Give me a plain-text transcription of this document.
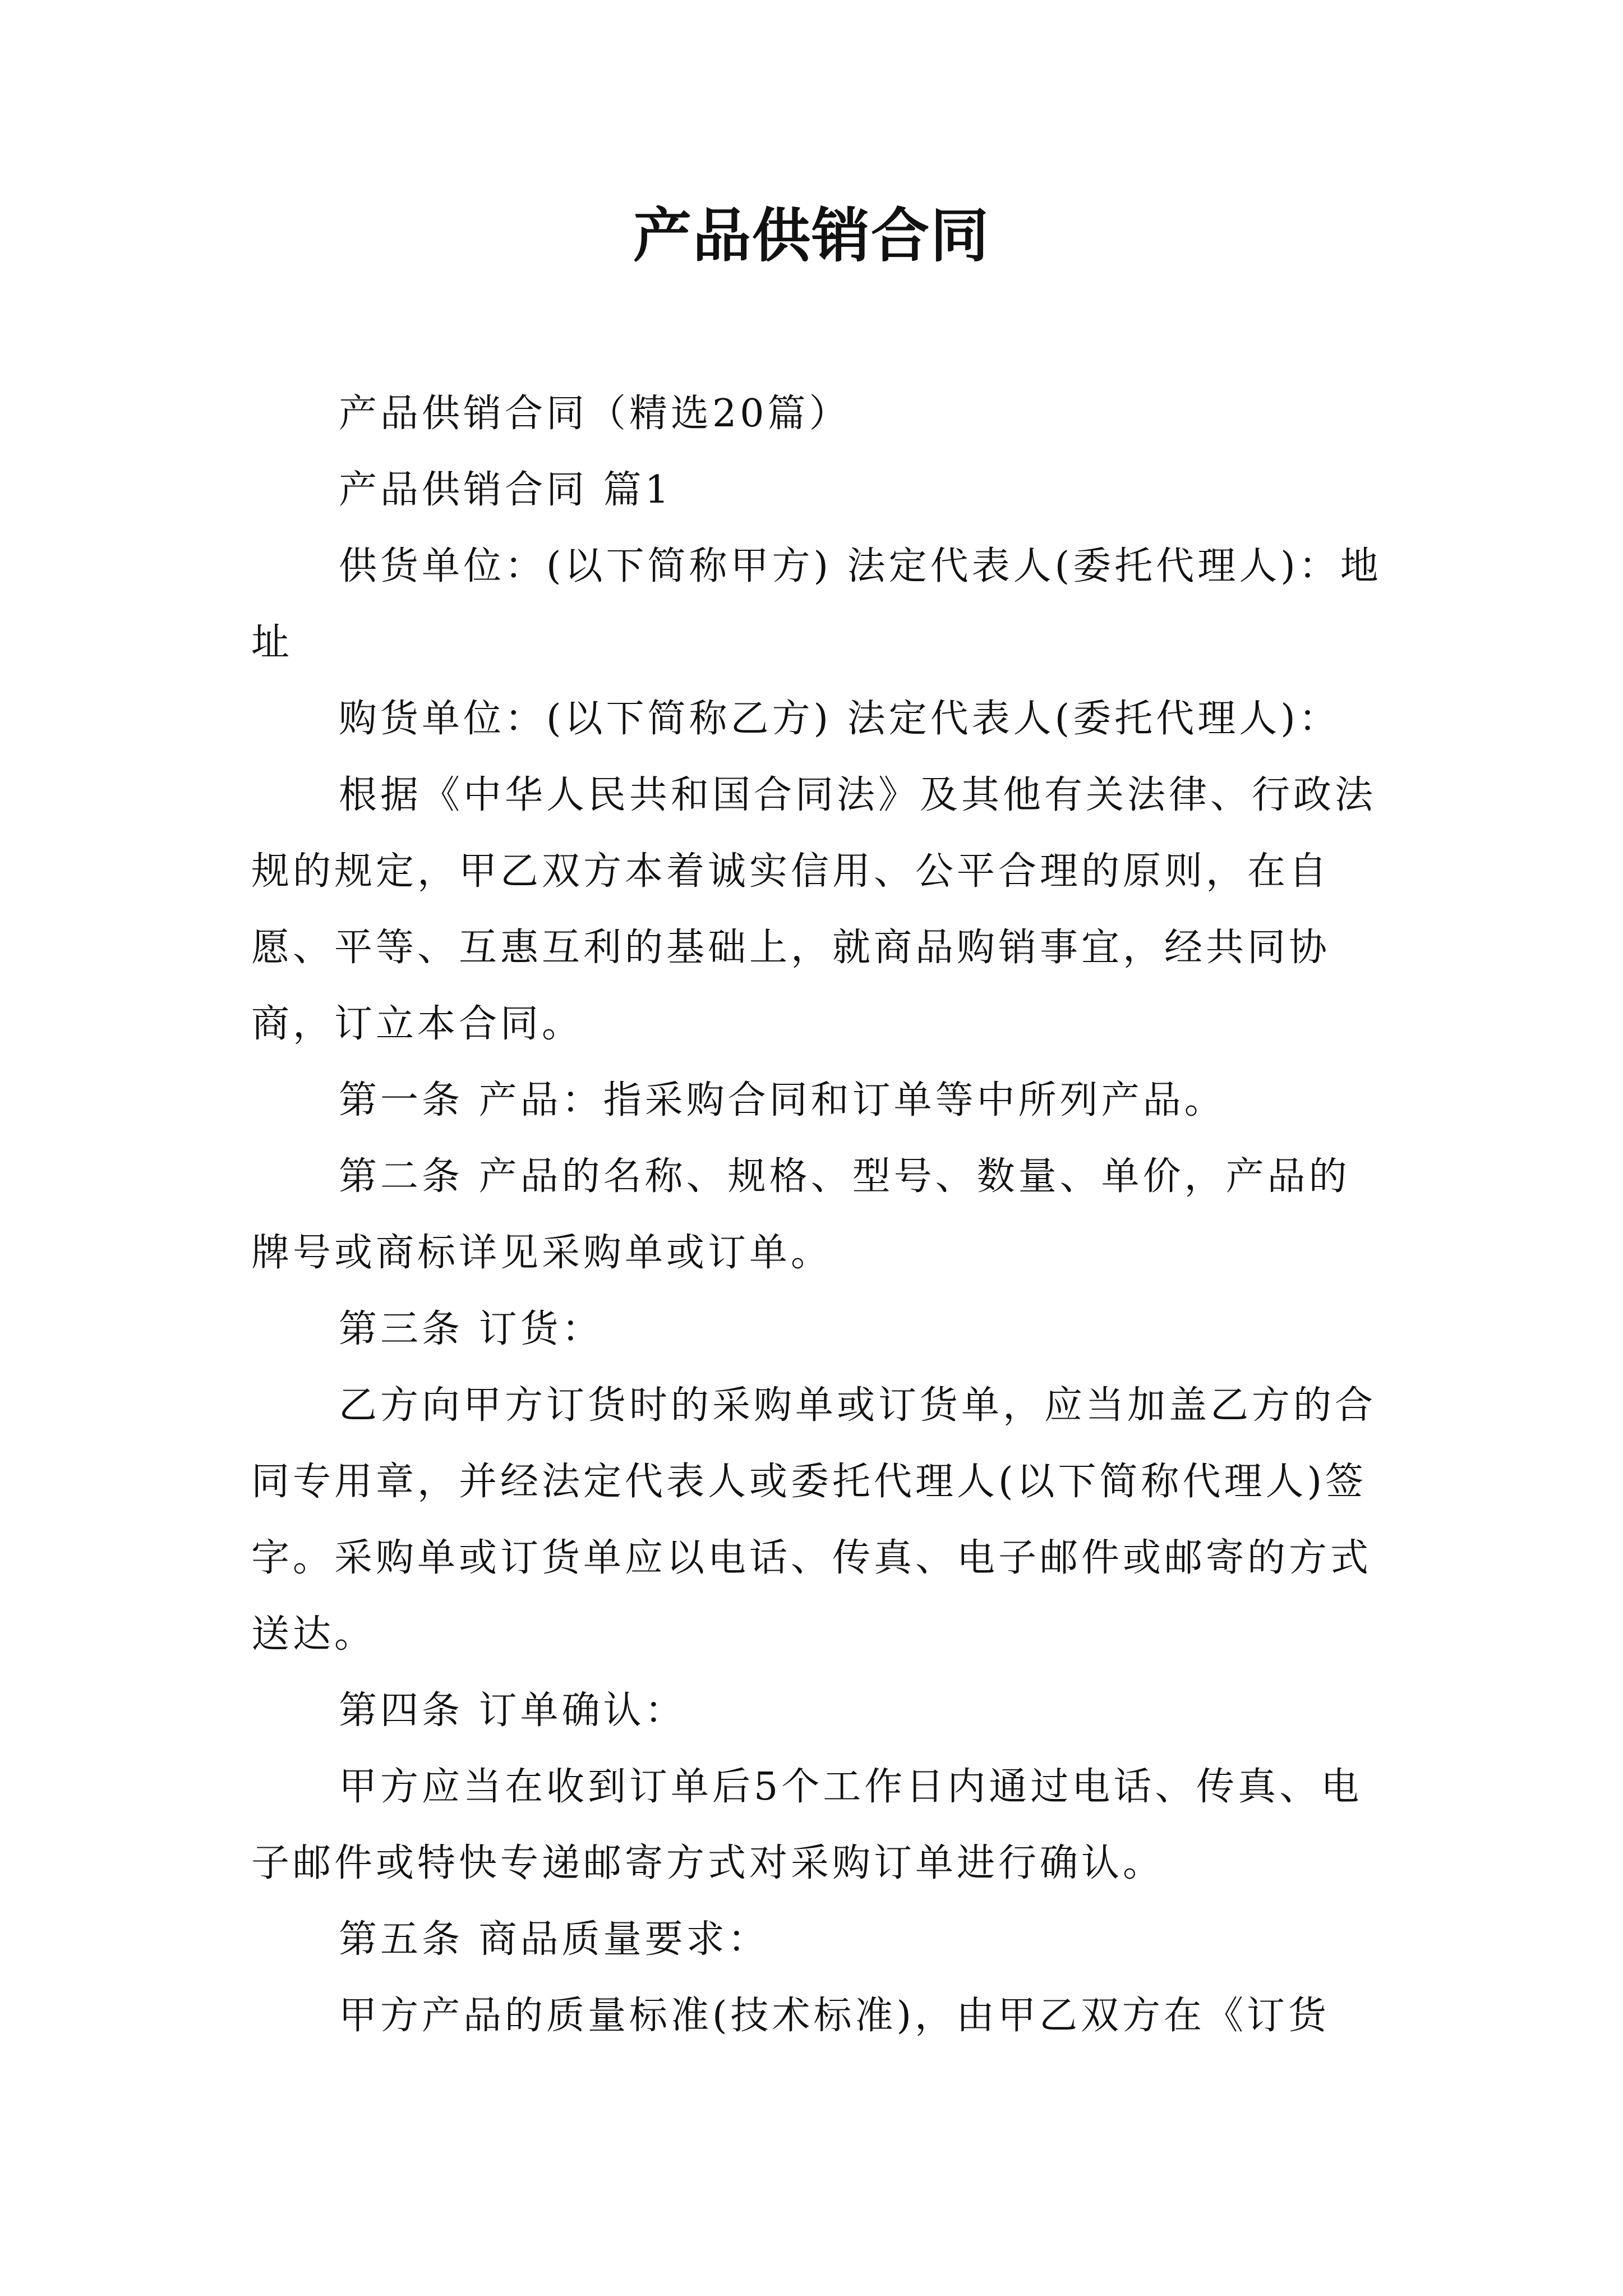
产品供销合同

产品供销合同（精选20篇）

产品供销合同 篇1

供货单位：(以下简称甲方) 法定代表人(委托代理人)：地址

购货单位：(以下简称乙方) 法定代表人(委托代理人)：

根据《中华人民共和国合同法》及其他有关法律、行政法规的规定，甲乙双方本着诚实信用、公平合理的原则，在自愿、平等、互惠互利的基础上，就商品购销事宜，经共同协商，订立本合同。

第一条 产品：指采购合同和订单等中所列产品。

第二条 产品的名称、规格、型号、数量、单价，产品的牌号或商标详见采购单或订单。

第三条 订货：

乙方向甲方订货时的采购单或订货单，应当加盖乙方的合同专用章，并经法定代表人或委托代理人(以下简称代理人)签字。采购单或订货单应以电话、传真、电子邮件或邮寄的方式送达。

第四条 订单确认：

甲方应当在收到订单后5个工作日内通过电话、传真、电子邮件或特快专递邮寄方式对采购订单进行确认。

第五条 商品质量要求：

甲方产品的质量标准(技术标准)，由甲乙双方在《订货
